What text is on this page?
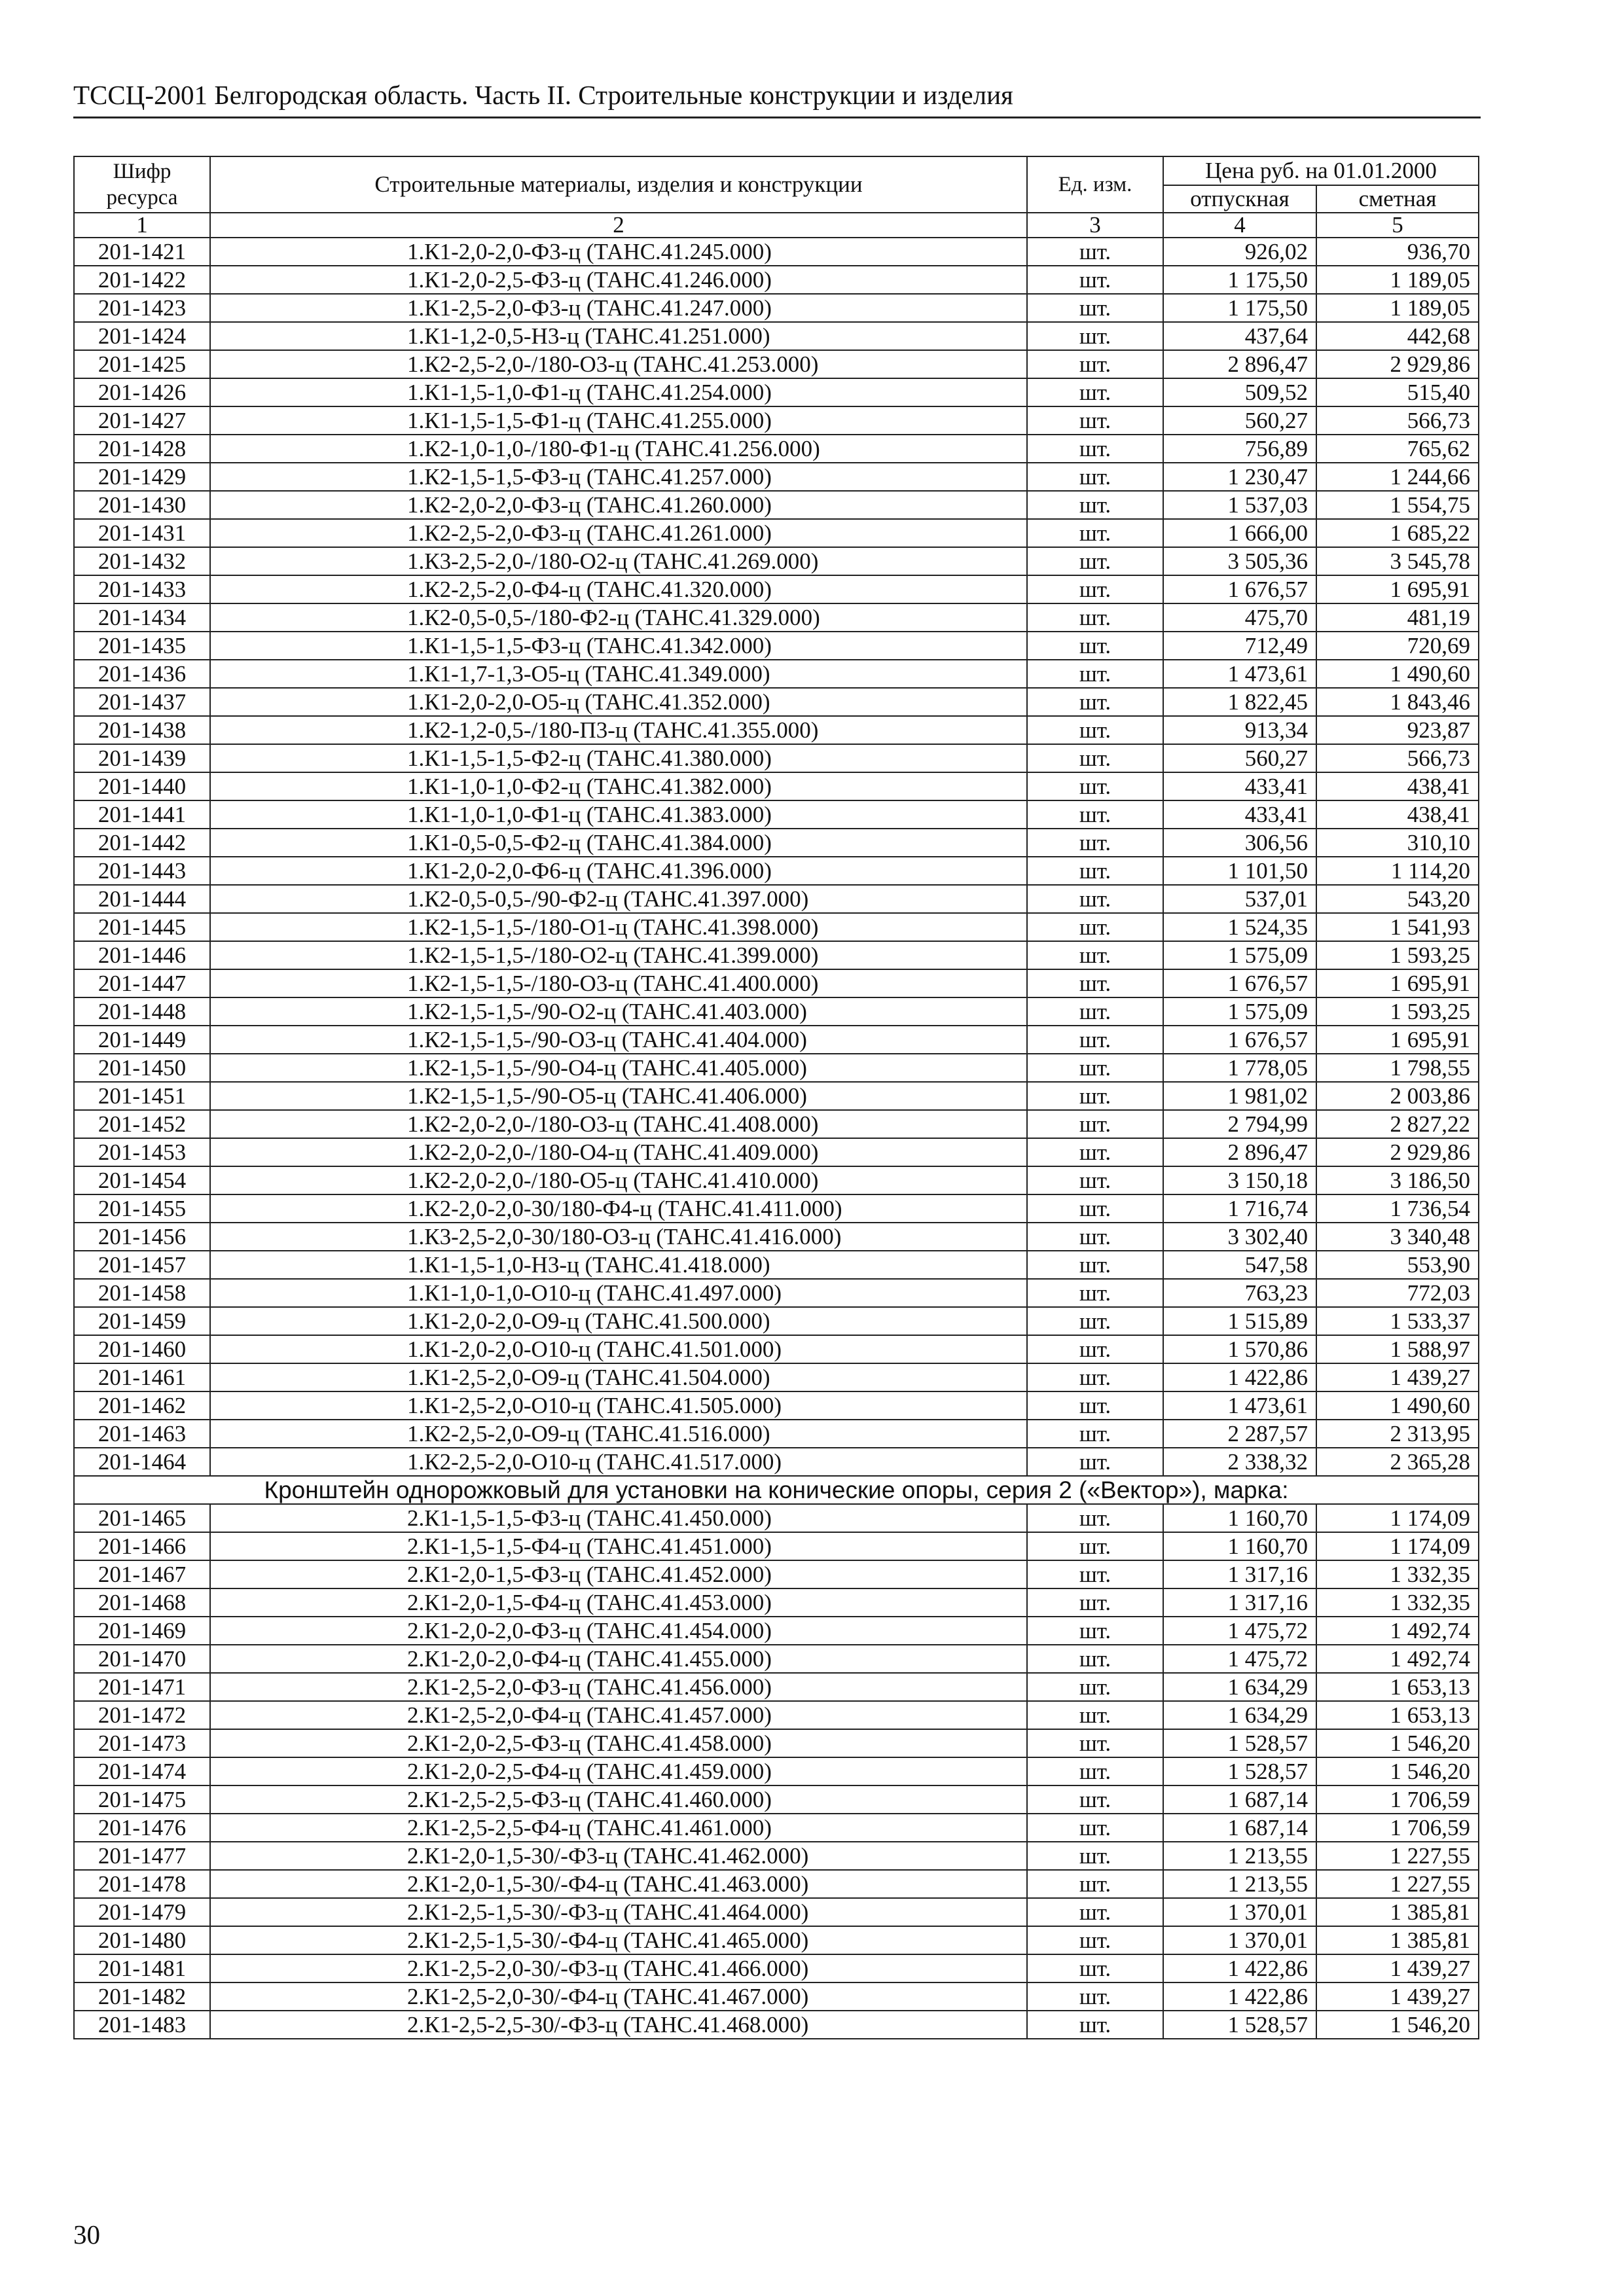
ТССЦ-2001 Белгородская область. Часть II. Строительные конструкции и изделия
Шифр ресурса	Строительные материалы, изделия и конструкции	Ед. изм.	Цена руб. на 01.01.2000	
			отпускная	сметная
1	2	3	4	5
201-1421	1.К1-2,0-2,0-Ф3-ц (ТАНС.41.245.000)	шт.	926,02	936,70
201-1422	1.К1-2,0-2,5-Ф3-ц (ТАНС.41.246.000)	шт.	1 175,50	1 189,05
201-1423	1.К1-2,5-2,0-Ф3-ц (ТАНС.41.247.000)	шт.	1 175,50	1 189,05
201-1424	1.К1-1,2-0,5-Н3-ц (ТАНС.41.251.000)	шт.	437,64	442,68
201-1425	1.К2-2,5-2,0-/180-О3-ц (ТАНС.41.253.000)	шт.	2 896,47	2 929,86
201-1426	1.К1-1,5-1,0-Ф1-ц (ТАНС.41.254.000)	шт.	509,52	515,40
201-1427	1.К1-1,5-1,5-Ф1-ц (ТАНС.41.255.000)	шт.	560,27	566,73
201-1428	1.К2-1,0-1,0-/180-Ф1-ц (ТАНС.41.256.000)	шт.	756,89	765,62
201-1429	1.К2-1,5-1,5-Ф3-ц (ТАНС.41.257.000)	шт.	1 230,47	1 244,66
201-1430	1.К2-2,0-2,0-Ф3-ц (ТАНС.41.260.000)	шт.	1 537,03	1 554,75
201-1431	1.К2-2,5-2,0-Ф3-ц (ТАНС.41.261.000)	шт.	1 666,00	1 685,22
201-1432	1.К3-2,5-2,0-/180-О2-ц (ТАНС.41.269.000)	шт.	3 505,36	3 545,78
201-1433	1.К2-2,5-2,0-Ф4-ц (ТАНС.41.320.000)	шт.	1 676,57	1 695,91
201-1434	1.К2-0,5-0,5-/180-Ф2-ц (ТАНС.41.329.000)	шт.	475,70	481,19
201-1435	1.К1-1,5-1,5-Ф3-ц (ТАНС.41.342.000)	шт.	712,49	720,69
201-1436	1.К1-1,7-1,3-О5-ц (ТАНС.41.349.000)	шт.	1 473,61	1 490,60
201-1437	1.К1-2,0-2,0-О5-ц (ТАНС.41.352.000)	шт.	1 822,45	1 843,46
201-1438	1.К2-1,2-0,5-/180-П3-ц (ТАНС.41.355.000)	шт.	913,34	923,87
201-1439	1.К1-1,5-1,5-Ф2-ц (ТАНС.41.380.000)	шт.	560,27	566,73
201-1440	1.К1-1,0-1,0-Ф2-ц (ТАНС.41.382.000)	шт.	433,41	438,41
201-1441	1.К1-1,0-1,0-Ф1-ц (ТАНС.41.383.000)	шт.	433,41	438,41
201-1442	1.К1-0,5-0,5-Ф2-ц (ТАНС.41.384.000)	шт.	306,56	310,10
201-1443	1.К1-2,0-2,0-Ф6-ц (ТАНС.41.396.000)	шт.	1 101,50	1 114,20
201-1444	1.К2-0,5-0,5-/90-Ф2-ц (ТАНС.41.397.000)	шт.	537,01	543,20
201-1445	1.К2-1,5-1,5-/180-О1-ц (ТАНС.41.398.000)	шт.	1 524,35	1 541,93
201-1446	1.К2-1,5-1,5-/180-О2-ц (ТАНС.41.399.000)	шт.	1 575,09	1 593,25
201-1447	1.К2-1,5-1,5-/180-О3-ц (ТАНС.41.400.000)	шт.	1 676,57	1 695,91
201-1448	1.К2-1,5-1,5-/90-О2-ц (ТАНС.41.403.000)	шт.	1 575,09	1 593,25
201-1449	1.К2-1,5-1,5-/90-О3-ц (ТАНС.41.404.000)	шт.	1 676,57	1 695,91
201-1450	1.К2-1,5-1,5-/90-О4-ц (ТАНС.41.405.000)	шт.	1 778,05	1 798,55
201-1451	1.К2-1,5-1,5-/90-О5-ц (ТАНС.41.406.000)	шт.	1 981,02	2 003,86
201-1452	1.К2-2,0-2,0-/180-О3-ц (ТАНС.41.408.000)	шт.	2 794,99	2 827,22
201-1453	1.К2-2,0-2,0-/180-О4-ц (ТАНС.41.409.000)	шт.	2 896,47	2 929,86
201-1454	1.К2-2,0-2,0-/180-О5-ц (ТАНС.41.410.000)	шт.	3 150,18	3 186,50
201-1455	1.К2-2,0-2,0-30/180-Ф4-ц (ТАНС.41.411.000)	шт.	1 716,74	1 736,54
201-1456	1.К3-2,5-2,0-30/180-О3-ц (ТАНС.41.416.000)	шт.	3 302,40	3 340,48
201-1457	1.К1-1,5-1,0-Н3-ц (ТАНС.41.418.000)	шт.	547,58	553,90
201-1458	1.К1-1,0-1,0-О10-ц (ТАНС.41.497.000)	шт.	763,23	772,03
201-1459	1.К1-2,0-2,0-О9-ц (ТАНС.41.500.000)	шт.	1 515,89	1 533,37
201-1460	1.К1-2,0-2,0-О10-ц (ТАНС.41.501.000)	шт.	1 570,86	1 588,97
201-1461	1.К1-2,5-2,0-О9-ц (ТАНС.41.504.000)	шт.	1 422,86	1 439,27
201-1462	1.К1-2,5-2,0-О10-ц (ТАНС.41.505.000)	шт.	1 473,61	1 490,60
201-1463	1.К2-2,5-2,0-О9-ц (ТАНС.41.516.000)	шт.	2 287,57	2 313,95
201-1464	1.К2-2,5-2,0-О10-ц (ТАНС.41.517.000)	шт.	2 338,32	2 365,28
Кронштейн однорожковый для установки на конические опоры, серия 2 («Вектор»), марка:				
201-1465	2.К1-1,5-1,5-Ф3-ц (ТАНС.41.450.000)	шт.	1 160,70	1 174,09
201-1466	2.К1-1,5-1,5-Ф4-ц (ТАНС.41.451.000)	шт.	1 160,70	1 174,09
201-1467	2.К1-2,0-1,5-Ф3-ц (ТАНС.41.452.000)	шт.	1 317,16	1 332,35
201-1468	2.К1-2,0-1,5-Ф4-ц (ТАНС.41.453.000)	шт.	1 317,16	1 332,35
201-1469	2.К1-2,0-2,0-Ф3-ц (ТАНС.41.454.000)	шт.	1 475,72	1 492,74
201-1470	2.К1-2,0-2,0-Ф4-ц (ТАНС.41.455.000)	шт.	1 475,72	1 492,74
201-1471	2.К1-2,5-2,0-Ф3-ц (ТАНС.41.456.000)	шт.	1 634,29	1 653,13
201-1472	2.К1-2,5-2,0-Ф4-ц (ТАНС.41.457.000)	шт.	1 634,29	1 653,13
201-1473	2.К1-2,0-2,5-Ф3-ц (ТАНС.41.458.000)	шт.	1 528,57	1 546,20
201-1474	2.К1-2,0-2,5-Ф4-ц (ТАНС.41.459.000)	шт.	1 528,57	1 546,20
201-1475	2.К1-2,5-2,5-Ф3-ц (ТАНС.41.460.000)	шт.	1 687,14	1 706,59
201-1476	2.К1-2,5-2,5-Ф4-ц (ТАНС.41.461.000)	шт.	1 687,14	1 706,59
201-1477	2.К1-2,0-1,5-30/-Ф3-ц (ТАНС.41.462.000)	шт.	1 213,55	1 227,55
201-1478	2.К1-2,0-1,5-30/-Ф4-ц (ТАНС.41.463.000)	шт.	1 213,55	1 227,55
201-1479	2.К1-2,5-1,5-30/-Ф3-ц (ТАНС.41.464.000)	шт.	1 370,01	1 385,81
201-1480	2.К1-2,5-1,5-30/-Ф4-ц (ТАНС.41.465.000)	шт.	1 370,01	1 385,81
201-1481	2.К1-2,5-2,0-30/-Ф3-ц (ТАНС.41.466.000)	шт.	1 422,86	1 439,27
201-1482	2.К1-2,5-2,0-30/-Ф4-ц (ТАНС.41.467.000)	шт.	1 422,86	1 439,27
201-1483	2.К1-2,5-2,5-30/-Ф3-ц (ТАНС.41.468.000)	шт.	1 528,57	1 546,20
30
